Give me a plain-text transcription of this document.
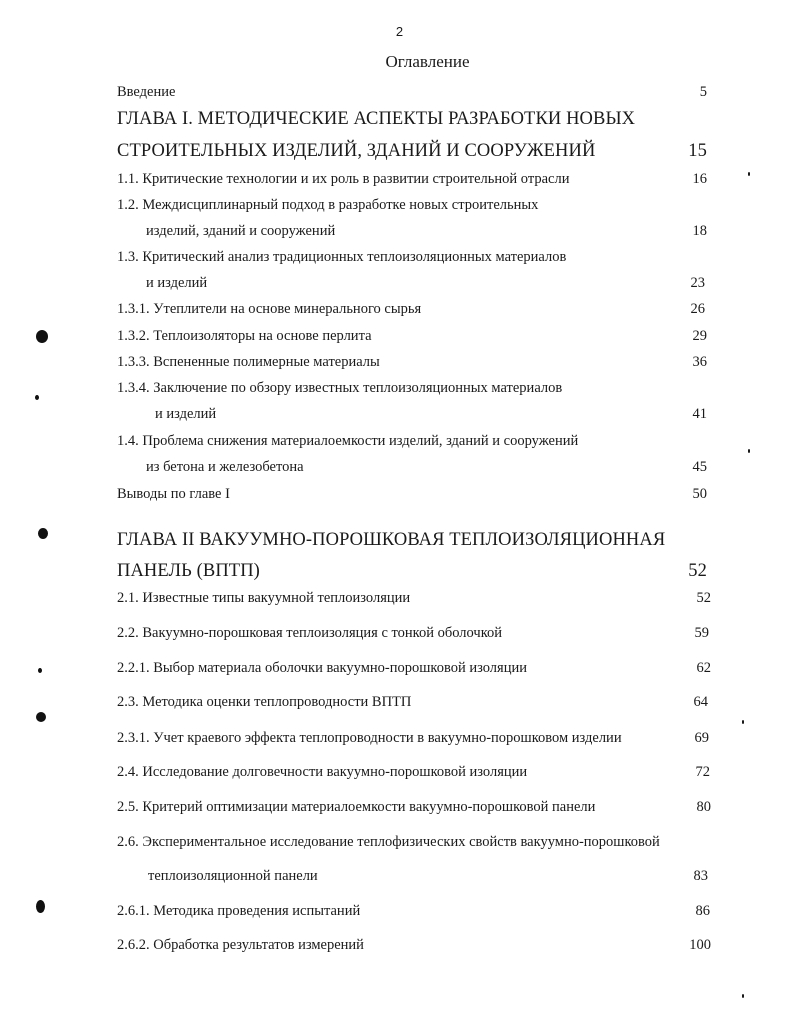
2
Оглавление
Введение	5
ГЛАВА I. МЕТОДИЧЕСКИЕ АСПЕКТЫ РАЗРАБОТКИ НОВЫХ
СТРОИТЕЛЬНЫХ ИЗДЕЛИЙ, ЗДАНИЙ И СООРУЖЕНИЙ	15
1.1. Критические технологии и их роль в развитии строительной отрасли	16
1.2. Междисциплинарный подход в разработке новых строительных
изделий, зданий и сооружений	18
1.3. Критический анализ традиционных теплоизоляционных материалов
и изделий	23
1.3.1. Утеплители на основе минерального сырья	26
1.3.2. Теплоизоляторы на основе перлита	29
1.3.3. Вспененные полимерные материалы	36
1.3.4. Заключение по обзору известных теплоизоляционных материалов
и изделий	41
1.4. Проблема снижения материалоемкости изделий, зданий и сооружений
из бетона и железобетона	45
Выводы по главе I	50
ГЛАВА II ВАКУУМНО-ПОРОШКОВАЯ ТЕПЛОИЗОЛЯЦИОННАЯ
ПАНЕЛЬ (ВПТП)	52
2.1. Известные типы вакуумной теплоизоляции	52
2.2. Вакуумно-порошковая теплоизоляция с тонкой оболочкой	59
2.2.1. Выбор материала оболочки вакуумно-порошковой изоляции	62
2.3. Методика оценки теплопроводности ВПТП	64
2.3.1. Учет краевого эффекта теплопроводности в вакуумно-порошковом изделии	69
2.4. Исследование долговечности вакуумно-порошковой изоляции	72
2.5. Критерий оптимизации материалоемкости вакуумно-порошковой панели	80
2.6. Экспериментальное исследование теплофизических свойств вакуумно-порошковой
теплоизоляционной панели	83
2.6.1. Методика проведения испытаний	86
2.6.2. Обработка результатов измерений	100
